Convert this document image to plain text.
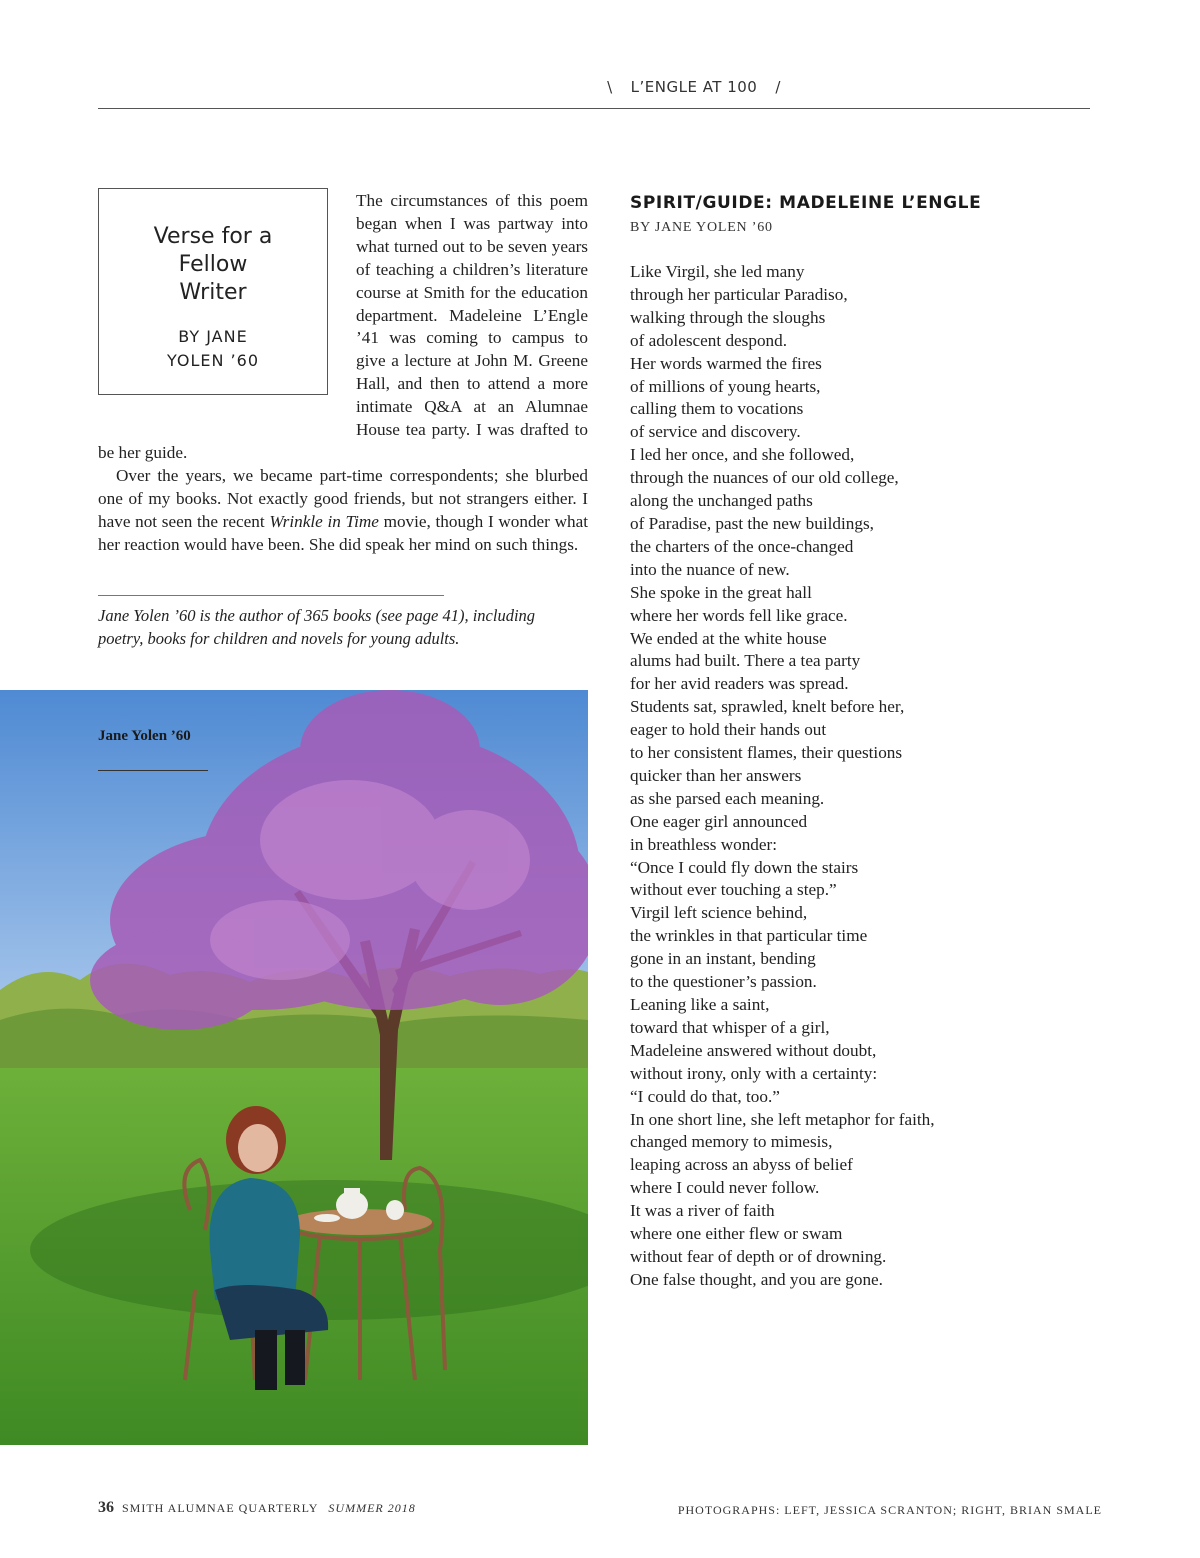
\ L’ENGLE AT 100 /
Verse for a Fellow Writer
BY JANE YOLEN ’60

The circumstances of this poem began when I was partway into what turned out to be seven years of teaching a children’s literature course at Smith for the education department. Madeleine L’Engle ’41 was coming to campus to give a lecture at John M. Greene Hall, and then to attend a more intimate Q&A at an Alumnae House tea party. I was drafted to be her guide.

Over the years, we became part-time correspondents; she blurbed one of my books. Not exactly good friends, but not strangers either. I have not seen the recent Wrinkle in Time movie, though I wonder what her reaction would have been. She did speak her mind on such things.

Jane Yolen ’60 is the author of 365 books (see page 41), including poetry, books for children and novels for young adults.
Jane Yolen ’60
SPIRIT/GUIDE: MADELEINE L’ENGLE
BY JANE YOLEN ’60
Like Virgil, she led many
through her particular Paradiso,
walking through the sloughs
of adolescent despond.
Her words warmed the fires
of millions of young hearts,
calling them to vocations
of service and discovery.
I led her once, and she followed,
through the nuances of our old college,
along the unchanged paths
of Paradise, past the new buildings,
the charters of the once-changed
into the nuance of new.
She spoke in the great hall
where her words fell like grace.
We ended at the white house
alums had built. There a tea party
for her avid readers was spread.
Students sat, sprawled, knelt before her,
eager to hold their hands out
to her consistent flames, their questions
quicker than her answers
as she parsed each meaning.
One eager girl announced
in breathless wonder:
“Once I could fly down the stairs
without ever touching a step.”
Virgil left science behind,
the wrinkles in that particular time
gone in an instant, bending
to the questioner’s passion.
Leaning like a saint,
toward that whisper of a girl,
Madeleine answered without doubt,
without irony, only with a certainty:
“I could do that, too.”
In one short line, she left metaphor for faith,
changed memory to mimesis,
leaping across an abyss of belief
where I could never follow.
It was a river of faith
where one either flew or swam
without fear of depth or of drowning.
One false thought, and you are gone.
36 SMITH ALUMNAE QUARTERLY SUMMER 2018	PHOTOGRAPHS: LEFT, JESSICA SCRANTON; RIGHT, BRIAN SMALE
